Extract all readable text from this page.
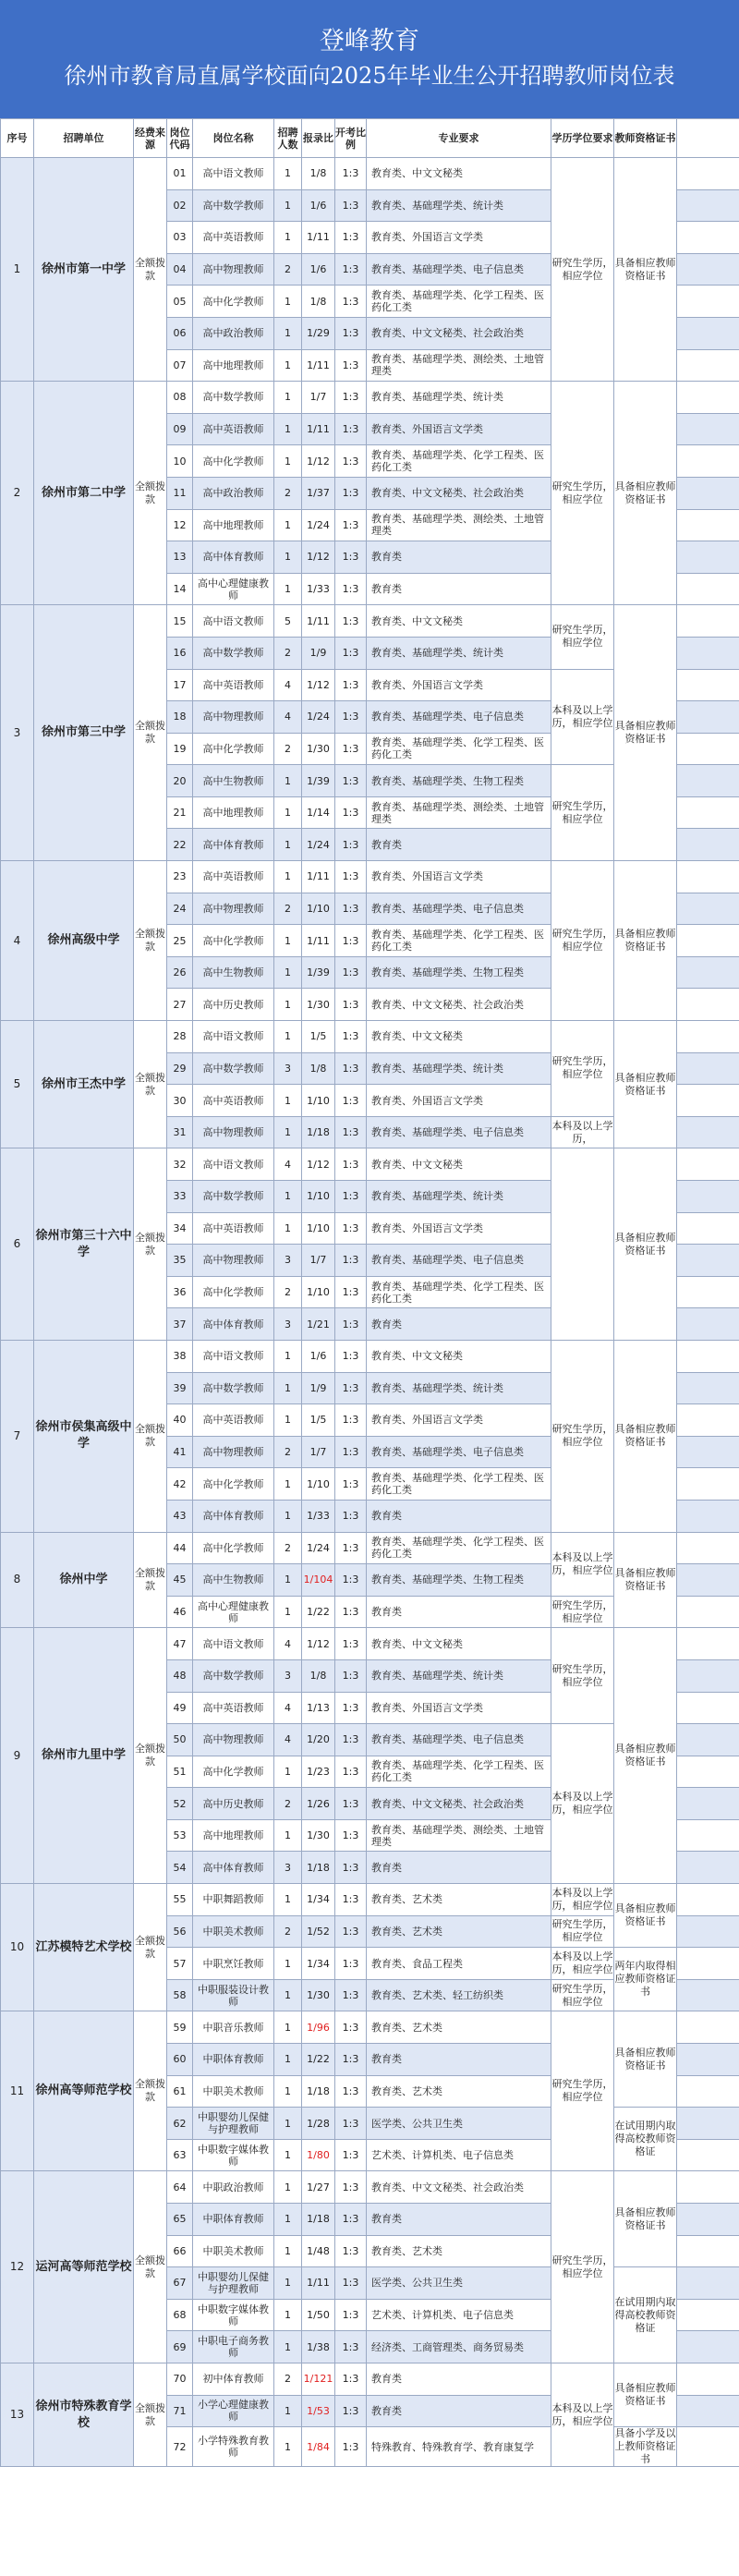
登峰教育
徐州市教育局直属学校面向2025年毕业生公开招聘教师岗位表
序号	招聘单位	经费来源	岗位代码	岗位名称	招聘人数	报录比	开考比例	专业要求	学历学位要求	教师资格证书	
1	徐州市第一中学	全额拨款	01	高中语文教师	1	1/8	1:3	教育类、中文文秘类	研究生学历，相应学位	具备相应教师资格证书	
			02	高中数学教师	1	1/6	1:3	教育类、基础理学类、统计类			
			03	高中英语教师	1	1/11	1:3	教育类、外国语言文学类			
			04	高中物理教师	2	1/6	1:3	教育类、基础理学类、电子信息类			
			05	高中化学教师	1	1/8	1:3	教育类、基础理学类、化学工程类、医药化工类			
			06	高中政治教师	1	1/29	1:3	教育类、中文文秘类、社会政治类			
			07	高中地理教师	1	1/11	1:3	教育类、基础理学类、测绘类、土地管理类			
2	徐州市第二中学	全额拨款	08	高中数学教师	1	1/7	1:3	教育类、基础理学类、统计类	研究生学历，相应学位	具备相应教师资格证书	
			09	高中英语教师	1	1/11	1:3	教育类、外国语言文学类			
			10	高中化学教师	1	1/12	1:3	教育类、基础理学类、化学工程类、医药化工类			
			11	高中政治教师	2	1/37	1:3	教育类、中文文秘类、社会政治类			
			12	高中地理教师	1	1/24	1:3	教育类、基础理学类、测绘类、土地管理类			
			13	高中体育教师	1	1/12	1:3	教育类			
			14	高中心理健康教师	1	1/33	1:3	教育类			
3	徐州市第三中学	全额拨款	15	高中语文教师	5	1/11	1:3	教育类、中文文秘类	研究生学历，相应学位	具备相应教师资格证书	
			16	高中数学教师	2	1/9	1:3	教育类、基础理学类、统计类			
			17	高中英语教师	4	1/12	1:3	教育类、外国语言文学类	本科及以上学历，相应学位		
			18	高中物理教师	4	1/24	1:3	教育类、基础理学类、电子信息类			
			19	高中化学教师	2	1/30	1:3	教育类、基础理学类、化学工程类、医药化工类			
			20	高中生物教师	1	1/39	1:3	教育类、基础理学类、生物工程类	研究生学历，相应学位		
			21	高中地理教师	1	1/14	1:3	教育类、基础理学类、测绘类、土地管理类			
			22	高中体育教师	1	1/24	1:3	教育类			
4	徐州高级中学	全额拨款	23	高中英语教师	1	1/11	1:3	教育类、外国语言文学类	研究生学历，相应学位	具备相应教师资格证书	
			24	高中物理教师	2	1/10	1:3	教育类、基础理学类、电子信息类			
			25	高中化学教师	1	1/11	1:3	教育类、基础理学类、化学工程类、医药化工类			
			26	高中生物教师	1	1/39	1:3	教育类、基础理学类、生物工程类			
			27	高中历史教师	1	1/30	1:3	教育类、中文文秘类、社会政治类			
5	徐州市王杰中学	全额拨款	28	高中语文教师	1	1/5	1:3	教育类、中文文秘类	研究生学历，相应学位	具备相应教师资格证书	
			29	高中数学教师	3	1/8	1:3	教育类、基础理学类、统计类			
			30	高中英语教师	1	1/10	1:3	教育类、外国语言文学类			
			31	高中物理教师	1	1/18	1:3	教育类、基础理学类、电子信息类	本科及以上学历，		
6	徐州市第三十六中学	全额拨款	32	高中语文教师	4	1/12	1:3	教育类、中文文秘类		具备相应教师资格证书	
			33	高中数学教师	1	1/10	1:3	教育类、基础理学类、统计类			
			34	高中英语教师	1	1/10	1:3	教育类、外国语言文学类			
			35	高中物理教师	3	1/7	1:3	教育类、基础理学类、电子信息类			
			36	高中化学教师	2	1/10	1:3	教育类、基础理学类、化学工程类、医药化工类			
			37	高中体育教师	3	1/21	1:3	教育类			
7	徐州市侯集高级中学	全额拨款	38	高中语文教师	1	1/6	1:3	教育类、中文文秘类	研究生学历，相应学位	具备相应教师资格证书	
			39	高中数学教师	1	1/9	1:3	教育类、基础理学类、统计类			
			40	高中英语教师	1	1/5	1:3	教育类、外国语言文学类			
			41	高中物理教师	2	1/7	1:3	教育类、基础理学类、电子信息类			
			42	高中化学教师	1	1/10	1:3	教育类、基础理学类、化学工程类、医药化工类			
			43	高中体育教师	1	1/33	1:3	教育类			
8	徐州中学	全额拨款	44	高中化学教师	2	1/24	1:3	教育类、基础理学类、化学工程类、医药化工类	本科及以上学历，相应学位	具备相应教师资格证书	
			45	高中生物教师	1	1/104	1:3	教育类、基础理学类、生物工程类			
			46	高中心理健康教师	1	1/22	1:3	教育类	研究生学历，相应学位		
9	徐州市九里中学	全额拨款	47	高中语文教师	4	1/12	1:3	教育类、中文文秘类	研究生学历，相应学位	具备相应教师资格证书	
			48	高中数学教师	3	1/8	1:3	教育类、基础理学类、统计类			
			49	高中英语教师	4	1/13	1:3	教育类、外国语言文学类			
			50	高中物理教师	4	1/20	1:3	教育类、基础理学类、电子信息类	本科及以上学历，相应学位		
			51	高中化学教师	1	1/23	1:3	教育类、基础理学类、化学工程类、医药化工类			
			52	高中历史教师	2	1/26	1:3	教育类、中文文秘类、社会政治类			
			53	高中地理教师	1	1/30	1:3	教育类、基础理学类、测绘类、土地管理类			
			54	高中体育教师	3	1/18	1:3	教育类			
10	江苏模特艺术学校	全额拨款	55	中职舞蹈教师	1	1/34	1:3	教育类、艺术类	本科及以上学历，相应学位	具备相应教师资格证书	
			56	中职美术教师	2	1/52	1:3	教育类、艺术类	研究生学历，相应学位		
			57	中职烹饪教师	1	1/34	1:3	教育类、食品工程类	本科及以上学历，相应学位	两年内取得相应教师资格证书	
			58	中职服装设计教师	1	1/30	1:3	教育类、艺术类、轻工纺织类	研究生学历，相应学位		
11	徐州高等师范学校	全额拨款	59	中职音乐教师	1	1/96	1:3	教育类、艺术类	研究生学历，相应学位	具备相应教师资格证书	
			60	中职体育教师	1	1/22	1:3	教育类			
			61	中职美术教师	1	1/18	1:3	教育类、艺术类			
			62	中职婴幼儿保健与护理教师	1	1/28	1:3	医学类、公共卫生类		在试用期内取得高校教师资格证	
			63	中职数字媒体教师	1	1/80	1:3	艺术类、计算机类、电子信息类			
12	运河高等师范学校	全额拨款	64	中职政治教师	1	1/27	1:3	教育类、中文文秘类、社会政治类	研究生学历，相应学位	具备相应教师资格证书	
			65	中职体育教师	1	1/18	1:3	教育类			
			66	中职美术教师	1	1/48	1:3	教育类、艺术类			
			67	中职婴幼儿保健与护理教师	1	1/11	1:3	医学类、公共卫生类		在试用期内取得高校教师资格证	
			68	中职数字媒体教师	1	1/50	1:3	艺术类、计算机类、电子信息类			
			69	中职电子商务教师	1	1/38	1:3	经济类、工商管理类、商务贸易类			
13	徐州市特殊教育学校	全额拨款	70	初中体育教师	2	1/121	1:3	教育类	本科及以上学历，相应学位	具备相应教师资格证书	
			71	小学心理健康教师	1	1/53	1:3	教育类			
			72	小学特殊教育教师	1	1/84	1:3	特殊教育、特殊教育学、教育康复学		具备小学及以上教师资格证书	
